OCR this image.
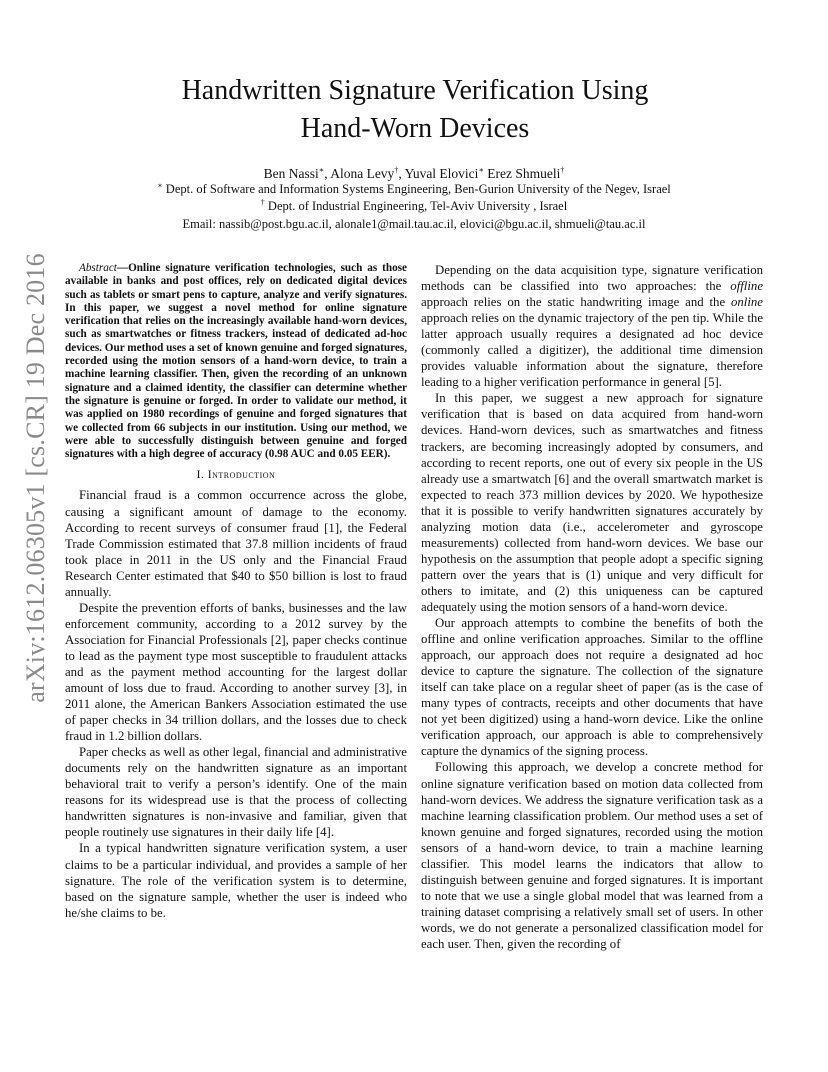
arXiv:1612.06305v1 [cs.CR] 19 Dec 2016
Handwritten Signature Verification Using
Hand-Worn Devices
Ben Nassi∗, Alona Levy†, Yuval Elovici∗ Erez Shmueli†
∗ Dept. of Software and Information Systems Engineering, Ben-Gurion University of the Negev, Israel
† Dept. of Industrial Engineering, Tel-Aviv University , Israel
Email: nassib@post.bgu.ac.il, alonale1@mail.tau.ac.il, elovici@bgu.ac.il, shmueli@tau.ac.il

Abstract—Online signature verification technologies, such as those available in banks and post offices, rely on dedicated digital devices such as tablets or smart pens to capture, analyze and verify signatures. In this paper, we suggest a novel method for online signature verification that relies on the increasingly available hand-worn devices, such as smartwatches or fitness trackers, instead of dedicated ad-hoc devices. Our method uses a set of known genuine and forged signatures, recorded using the motion sensors of a hand-worn device, to train a machine learning classifier. Then, given the recording of an unknown signature and a claimed identity, the classifier can determine whether the signature is genuine or forged. In order to validate our method, it was applied on 1980 recordings of genuine and forged signatures that we collected from 66 subjects in our institution. Using our method, we were able to successfully distinguish between genuine and forged signatures with a high degree of accuracy (0.98 AUC and 0.05 EER).

I. Introduction

Financial fraud is a common occurrence across the globe, causing a significant amount of damage to the economy. According to recent surveys of consumer fraud [1], the Federal Trade Commission estimated that 37.8 million incidents of fraud took place in 2011 in the US only and the Financial Fraud Research Center estimated that $40 to $50 billion is lost to fraud annually.

Despite the prevention efforts of banks, businesses and the law enforcement community, according to a 2012 survey by the Association for Financial Professionals [2], paper checks continue to lead as the payment type most susceptible to fraudulent attacks and as the payment method accounting for the largest dollar amount of loss due to fraud. According to another survey [3], in 2011 alone, the American Bankers Association estimated the use of paper checks in 34 trillion dollars, and the losses due to check fraud in 1.2 billion dollars.

Paper checks as well as other legal, financial and administrative documents rely on the handwritten signature as an important behavioral trait to verify a person’s identify. One of the main reasons for its widespread use is that the process of collecting handwritten signatures is non-invasive and familiar, given that people routinely use signatures in their daily life [4].

In a typical handwritten signature verification system, a user claims to be a particular individual, and provides a sample of her signature. The role of the verification system is to determine, based on the signature sample, whether the user is indeed who he/she claims to be.

Depending on the data acquisition type, signature verification methods can be classified into two approaches: the offline approach relies on the static handwriting image and the online approach relies on the dynamic trajectory of the pen tip. While the latter approach usually requires a designated ad hoc device (commonly called a digitizer), the additional time dimension provides valuable information about the signature, therefore leading to a higher verification performance in general [5].

In this paper, we suggest a new approach for signature verification that is based on data acquired from hand-worn devices. Hand-worn devices, such as smartwatches and fitness trackers, are becoming increasingly adopted by consumers, and according to recent reports, one out of every six people in the US already use a smartwatch [6] and the overall smartwatch market is expected to reach 373 million devices by 2020. We hypothesize that it is possible to verify handwritten signatures accurately by analyzing motion data (i.e., accelerometer and gyroscope measurements) collected from hand-worn devices. We base our hypothesis on the assumption that people adopt a specific signing pattern over the years that is (1) unique and very difficult for others to imitate, and (2) this uniqueness can be captured adequately using the motion sensors of a hand-worn device.

Our approach attempts to combine the benefits of both the offline and online verification approaches. Similar to the offline approach, our approach does not require a designated ad hoc device to capture the signature. The collection of the signature itself can take place on a regular sheet of paper (as is the case of many types of contracts, receipts and other documents that have not yet been digitized) using a hand-worn device. Like the online verification approach, our approach is able to comprehensively capture the dynamics of the signing process.

Following this approach, we develop a concrete method for online signature verification based on motion data collected from hand-worn devices. We address the signature verification task as a machine learning classification problem. Our method uses a set of known genuine and forged signatures, recorded using the motion sensors of a hand-worn device, to train a machine learning classifier. This model learns the indicators that allow to distinguish between genuine and forged signatures. It is important to note that we use a single global model that was learned from a training dataset comprising a relatively small set of users. In other words, we do not generate a personalized classification model for each user. Then, given the recording of
